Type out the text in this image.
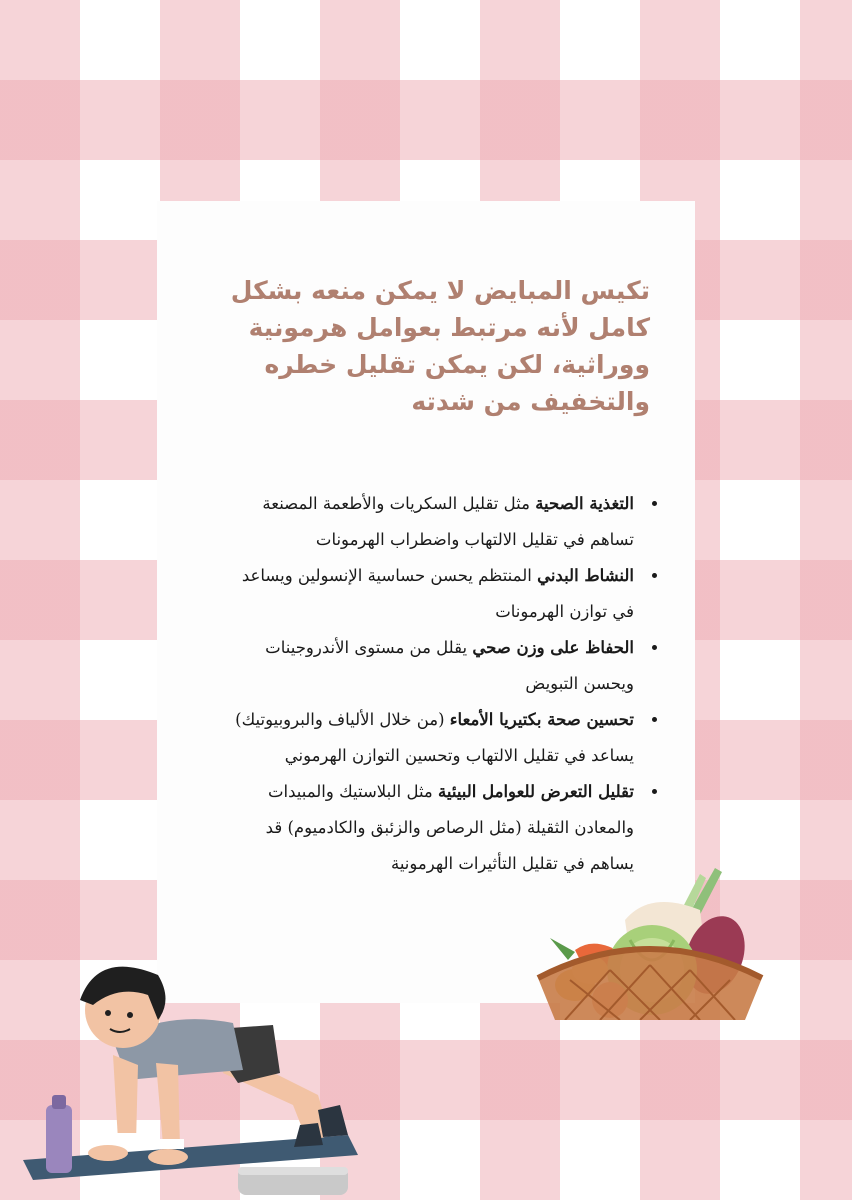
تكيس المبايض لا يمكن منعه بشكل كامل لأنه مرتبط بعوامل هرمونية ووراثية، لكن يمكن تقليل خطره والتخفيف من شدته
• التغذية الصحية مثل تقليل السكريات والأطعمة المصنعة تساهم في تقليل الالتهاب واضطراب الهرمونات
• النشاط البدني المنتظم يحسن حساسية الإنسولين ويساعد في توازن الهرمونات
• الحفاظ على وزن صحي يقلل من مستوى الأندروجينات ويحسن التبويض
• تحسين صحة بكتيريا الأمعاء (من خلال الألياف والبروبيوتيك) يساعد في تقليل الالتهاب وتحسين التوازن الهرموني
• تقليل التعرض للعوامل البيئية مثل البلاستيك والمبيدات والمعادن الثقيلة (مثل الرصاص والزئبق والكادميوم) قد يساهم في تقليل التأثيرات الهرمونية
